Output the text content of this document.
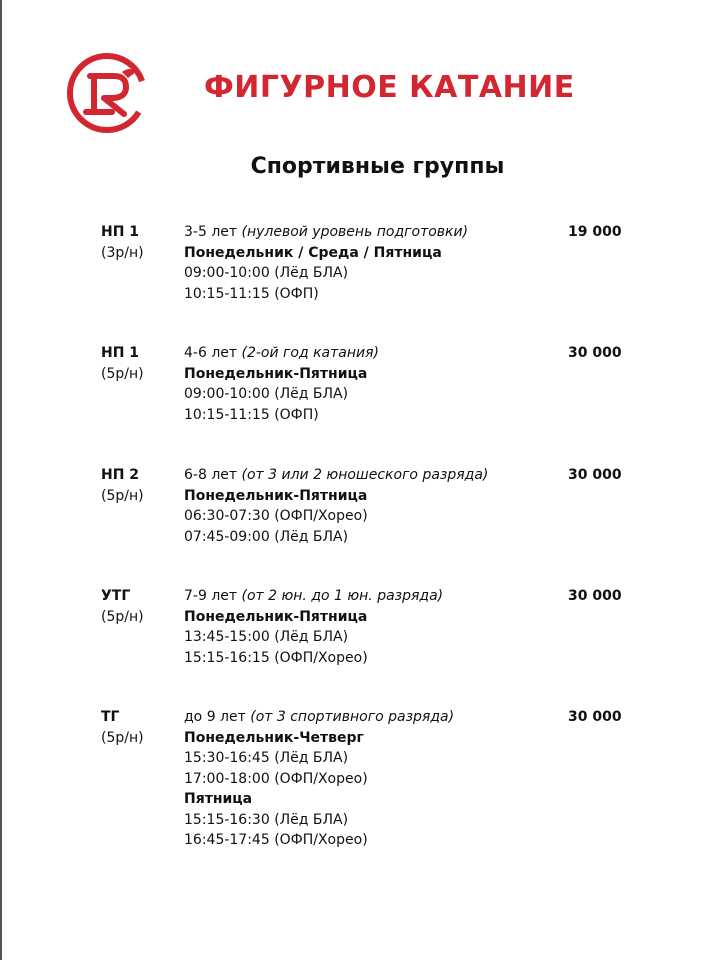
ФИГУРНОЕ КАТАНИЕ
Спортивные группы
НП 1
(3р/н)
3-5 лет (нулевой уровень подготовки)
Понедельник / Среда / Пятница
09:00-10:00 (Лёд БЛА)
10:15-11:15 (ОФП)
19 000
НП 1
(5р/н)
4-6 лет (2-ой год катания)
Понедельник-Пятница
09:00-10:00 (Лёд БЛА)
10:15-11:15 (ОФП)
30 000
НП 2
(5р/н)
6-8 лет (от 3 или 2 юношеского разряда)
Понедельник-Пятница
06:30-07:30 (ОФП/Хорео)
07:45-09:00 (Лёд БЛА)
30 000
УТГ
(5р/н)
7-9 лет (от 2 юн. до 1 юн. разряда)
Понедельник-Пятница
13:45-15:00 (Лёд БЛА)
15:15-16:15 (ОФП/Хорео)
30 000
ТГ
(5р/н)
до 9 лет (от 3 спортивного разряда)
Понедельник-Четверг
15:30-16:45 (Лёд БЛА)
17:00-18:00 (ОФП/Хорео)
Пятница
15:15-16:30 (Лёд БЛА)
16:45-17:45 (ОФП/Хорео)
30 000
